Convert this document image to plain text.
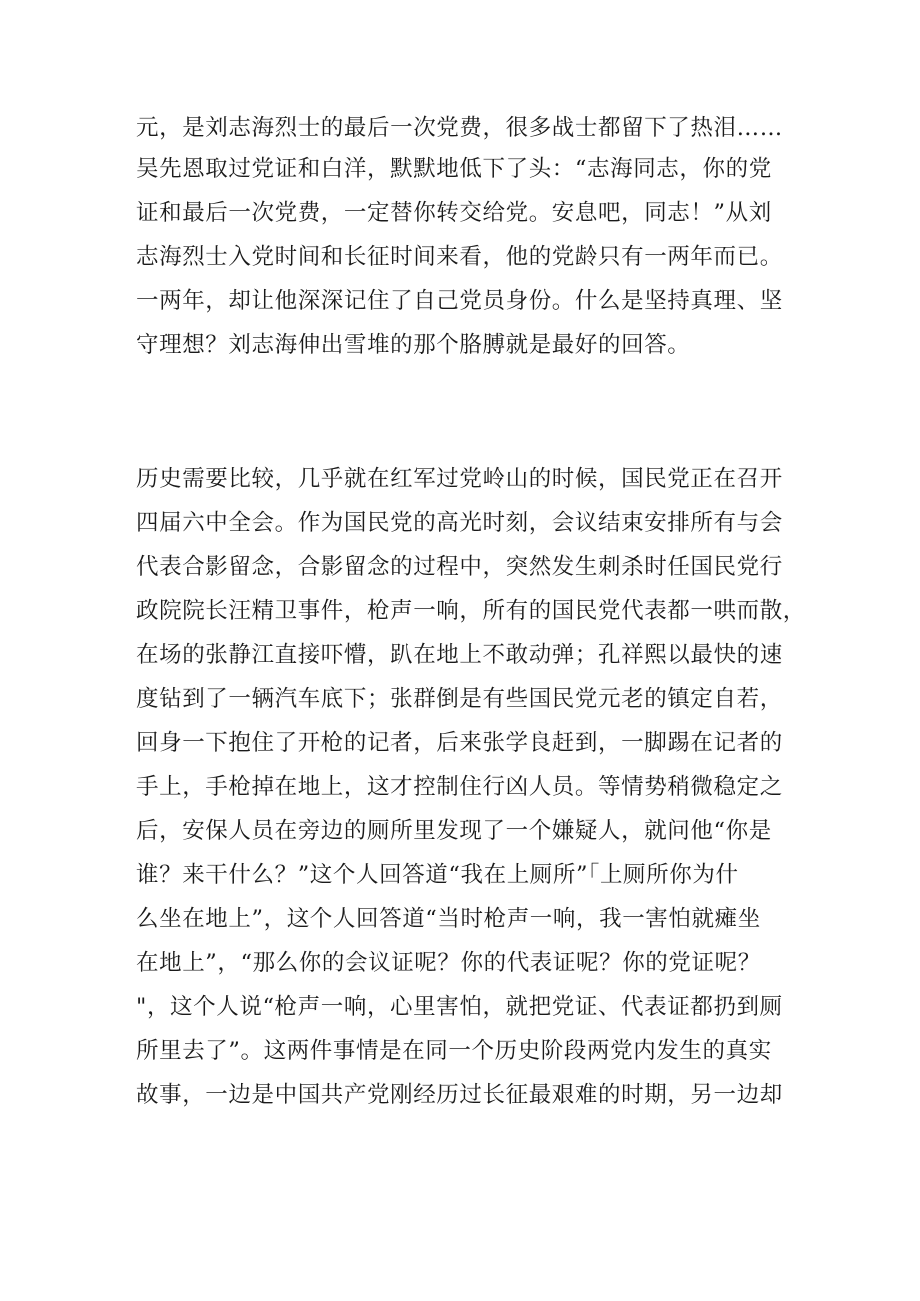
元，是刘志海烈士的最后一次党费，很多战士都留下了热泪……
吴先恩取过党证和白洋，默默地低下了头：“志海同志，你的党
证和最后一次党费，一定替你转交给党。安息吧，同志！”从刘
志海烈士入党时间和长征时间来看，他的党龄只有一两年而已。
一两年，却让他深深记住了自己党员身份。什么是坚持真理、坚
守理想？刘志海伸出雪堆的那个胳膊就是最好的回答。
历史需要比较，几乎就在红军过党岭山的时候，国民党正在召开
四届六中全会。作为国民党的高光时刻，会议结束安排所有与会
代表合影留念，合影留念的过程中，突然发生刺杀时任国民党行
政院院长汪精卫事件，枪声一响，所有的国民党代表都一哄而散，
在场的张静江直接吓懵，趴在地上不敢动弹；孔祥熙以最快的速
度钻到了一辆汽车底下；张群倒是有些国民党元老的镇定自若，
回身一下抱住了开枪的记者，后来张学良赶到，一脚踢在记者的
手上，手枪掉在地上，这才控制住行凶人员。等情势稍微稳定之
后，安保人员在旁边的厕所里发现了一个嫌疑人，就问他“你是
谁？来干什么？”这个人回答道“我在上厕所”「上厕所你为什
么坐在地上”，这个人回答道“当时枪声一响，我一害怕就瘫坐
在地上”，“那么你的会议证呢？你的代表证呢？你的党证呢？
"，这个人说“枪声一响，心里害怕，就把党证、代表证都扔到厕
所里去了”。这两件事情是在同一个历史阶段两党内发生的真实
故事，一边是中国共产党刚经历过长征最艰难的时期，另一边却
